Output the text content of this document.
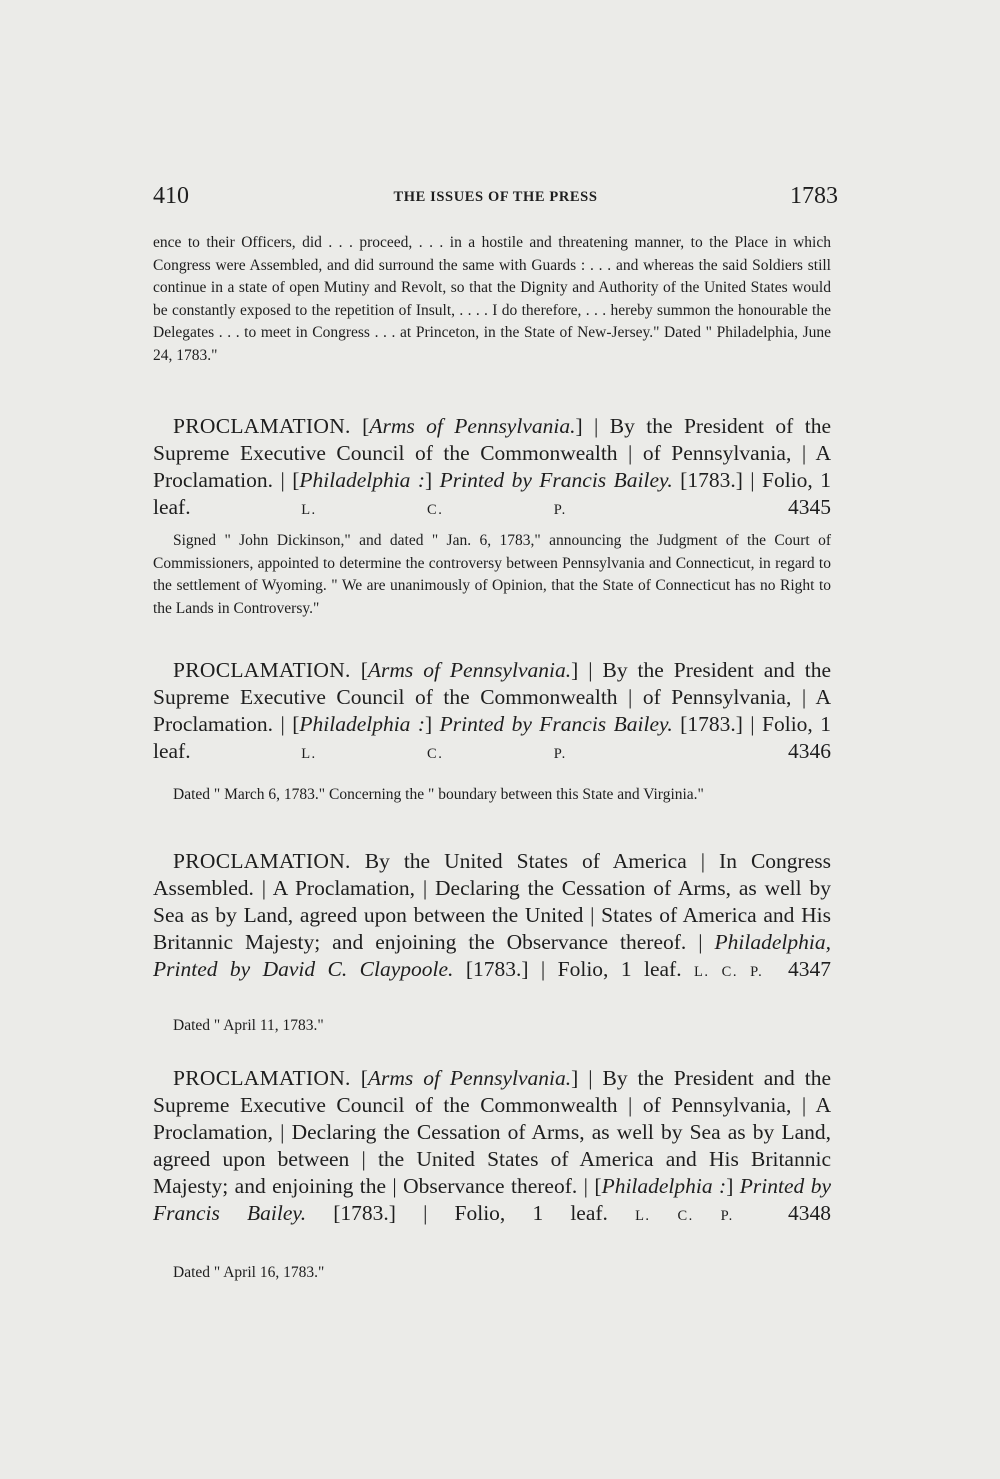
410	THE ISSUES OF THE PRESS	1783

ence to their Officers, did . . . proceed, . . . in a hostile and threatening manner, to the Place in which Congress were Assembled, and did surround the same with Guards : . . . and whereas the said Soldiers still continue in a state of open Mutiny and Revolt, so that the Dignity and Authority of the United States would be constantly exposed to the repetition of Insult, . . . . I do therefore, . . . hereby summon the honourable the Delegates . . . to meet in Congress . . . at Princeton, in the State of New-Jersey." Dated " Philadelphia, June 24, 1783."

PROCLAMATION. [Arms of Pennsylvania.] | By the President of the Supreme Executive Council of the Commonwealth | of Pennsylvania, | A Proclamation. | [Philadelphia :] Printed by Francis Bailey. [1783.] | Folio, 1 leaf.	L. C. P.	4345

Signed " John Dickinson," and dated " Jan. 6, 1783," announcing the Judgment of the Court of Commissioners, appointed to determine the controversy between Pennsylvania and Connecticut, in regard to the settlement of Wyoming. " We are unanimously of Opinion, that the State of Connecticut has no Right to the Lands in Controversy."

PROCLAMATION. [Arms of Pennsylvania.] | By the President and the Supreme Executive Council of the Commonwealth | of Pennsylvania, | A Proclamation. | [Philadelphia :] Printed by Francis Bailey. [1783.] | Folio, 1 leaf.	L. C. P.	4346

Dated " March 6, 1783." Concerning the " boundary between this State and Virginia."

PROCLAMATION. By the United States of America | In Congress Assembled. | A Proclamation, | Declaring the Cessation of Arms, as well by Sea as by Land, agreed upon between the United | States of America and His Britannic Majesty; and enjoining the Observance thereof. | Philadelphia, Printed by David C. Claypoole. [1783.] | Folio, 1 leaf. L. C. P. 4347

Dated " April 11, 1783."

PROCLAMATION. [Arms of Pennsylvania.] | By the President and the Supreme Executive Council of the Commonwealth | of Pennsylvania, | A Proclamation, | Declaring the Cessation of Arms, as well by Sea as by Land, agreed upon between | the United States of America and His Britannic Majesty; and enjoining the | Observance thereof. | [Philadelphia :] Printed by Francis Bailey. [1783.] | Folio, 1 leaf. L. C. P.	4348

Dated " April 16, 1783."
